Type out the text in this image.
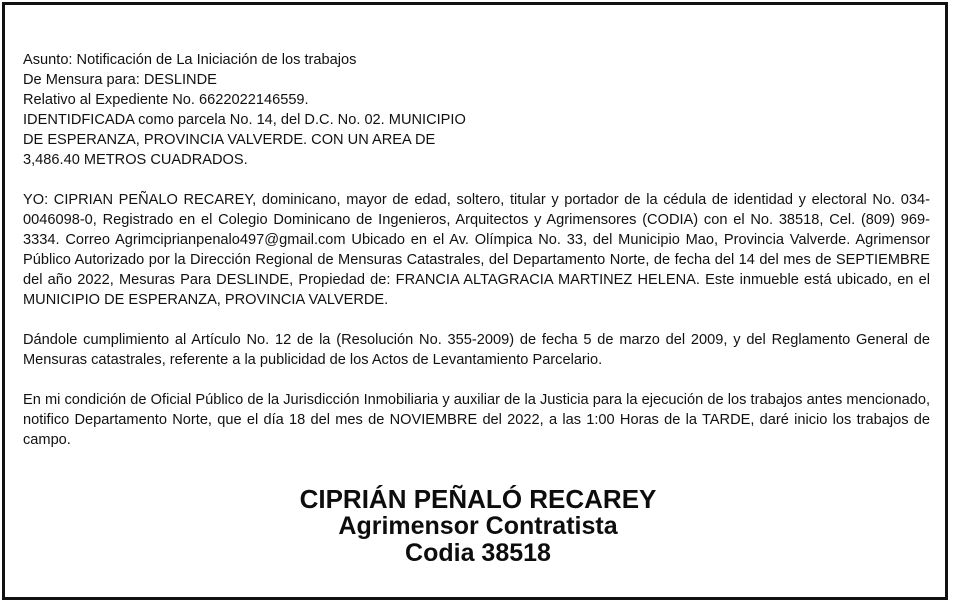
Asunto: Notificación de La Iniciación de los trabajos

De Mensura para: DESLINDE

Relativo al Expediente No. 6622022146559.

IDENTIDFICADA como parcela No. 14, del D.C. No. 02. MUNICIPIO

DE ESPERANZA, PROVINCIA VALVERDE. CON UN AREA DE

3,486.40 METROS CUADRADOS.

YO: CIPRIAN PEÑALO RECAREY, dominicano, mayor de edad, soltero, titular y portador de la cédula de identidad y electoral No. 034-0046098-0, Registrado en el Colegio Dominicano de Ingenieros, Arquitectos y Agrimensores (CODIA) con el No. 38518, Cel. (809) 969-3334. Correo Agrimciprianpenalo497@gmail.com Ubicado en el Av. Olímpica No. 33, del Municipio Mao, Provincia Valverde. Agrimensor Público Autorizado por la Dirección Regional de Mensuras Catastrales, del Departamento Norte, de fecha del 14 del mes de SEPTIEMBRE del año 2022, Mesuras Para DESLINDE, Propiedad de: FRANCIA ALTAGRACIA MARTINEZ HELENA. Este inmueble está ubicado, en el MUNICIPIO DE ESPERANZA, PROVINCIA VALVERDE.

Dándole cumplimiento al Artículo No. 12 de la (Resolución No. 355-2009) de fecha 5 de marzo del 2009, y del Reglamento General de Mensuras catastrales, referente a la publicidad de los Actos de Levantamiento Parcelario.

En mi condición de Oficial Público de la Jurisdicción Inmobiliaria y auxiliar de la Justicia para la ejecución de los trabajos antes mencionado, notifico Departamento Norte, que el día 18 del mes de NOVIEMBRE del 2022, a las 1:00 Horas de la TARDE, daré inicio los trabajos de campo.

CIPRIÁN PEÑALÓ RECAREY
Agrimensor Contratista
Codia 38518
